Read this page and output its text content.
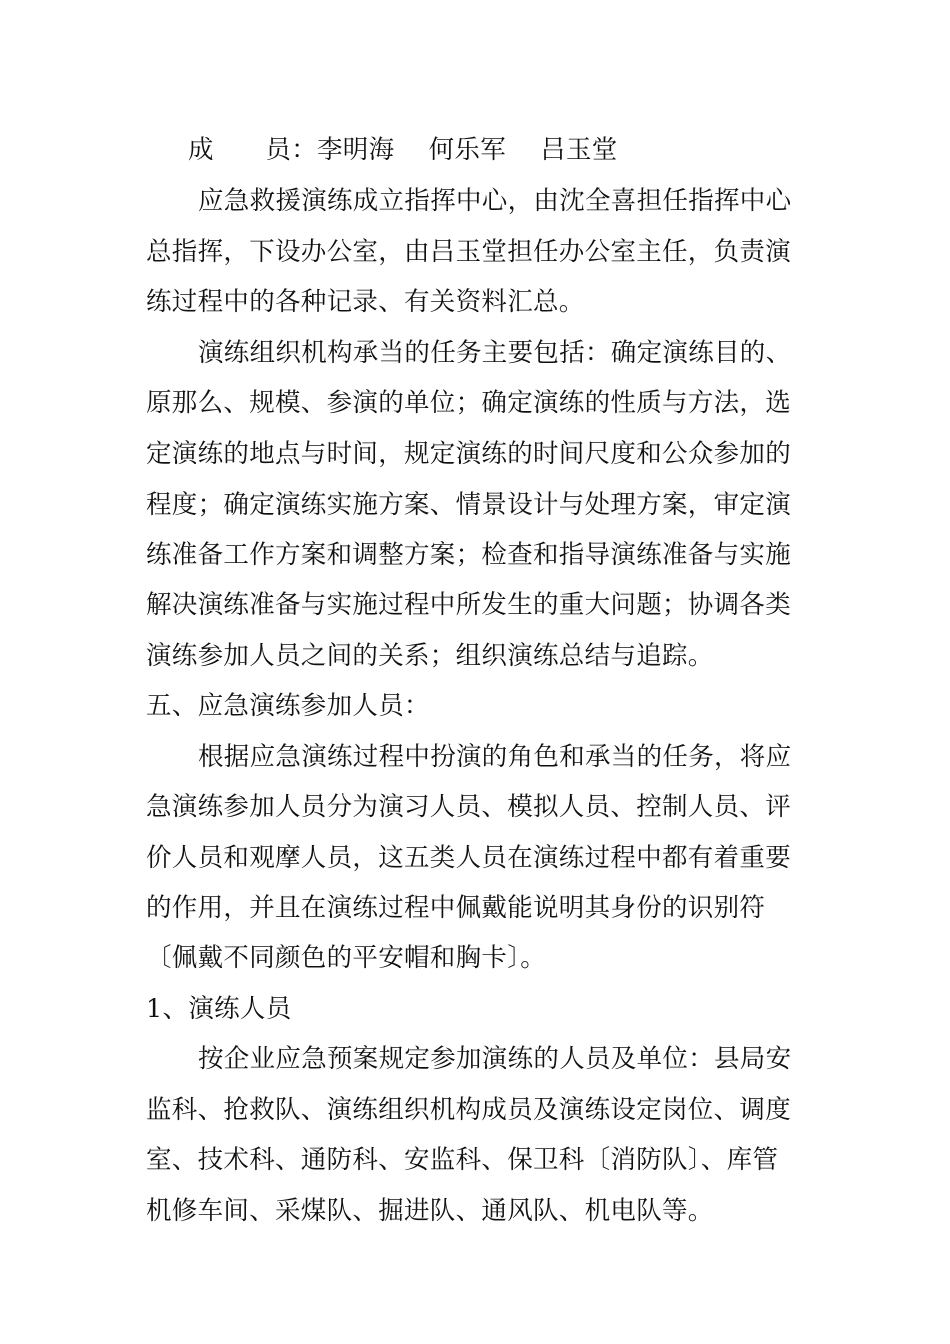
成　　员：李明海　 何乐军　 吕玉堂
应急救援演练成立指挥中心，由沈全喜担任指挥中心
总指挥，下设办公室，由吕玉堂担任办公室主任，负责演
练过程中的各种记录、有关资料汇总。
演练组织机构承当的任务主要包括：确定演练目的、
原那么、规模、参演的单位；确定演练的性质与方法，选
定演练的地点与时间，规定演练的时间尺度和公众参加的
程度；确定演练实施方案、情景设计与处理方案，审定演
练准备工作方案和调整方案；检查和指导演练准备与实施
解决演练准备与实施过程中所发生的重大问题；协调各类
演练参加人员之间的关系；组织演练总结与追踪。
五、应急演练参加人员：
根据应急演练过程中扮演的角色和承当的任务，将应
急演练参加人员分为演习人员、模拟人员、控制人员、评
价人员和观摩人员，这五类人员在演练过程中都有着重要
的作用，并且在演练过程中佩戴能说明其身份的识别符
〔佩戴不同颜色的平安帽和胸卡〕。
1、演练人员
按企业应急预案规定参加演练的人员及单位：县局安
监科、抢救队、演练组织机构成员及演练设定岗位、调度
室、技术科、通防科、安监科、保卫科〔消防队〕、库管
机修车间、采煤队、掘进队、通风队、机电队等。
